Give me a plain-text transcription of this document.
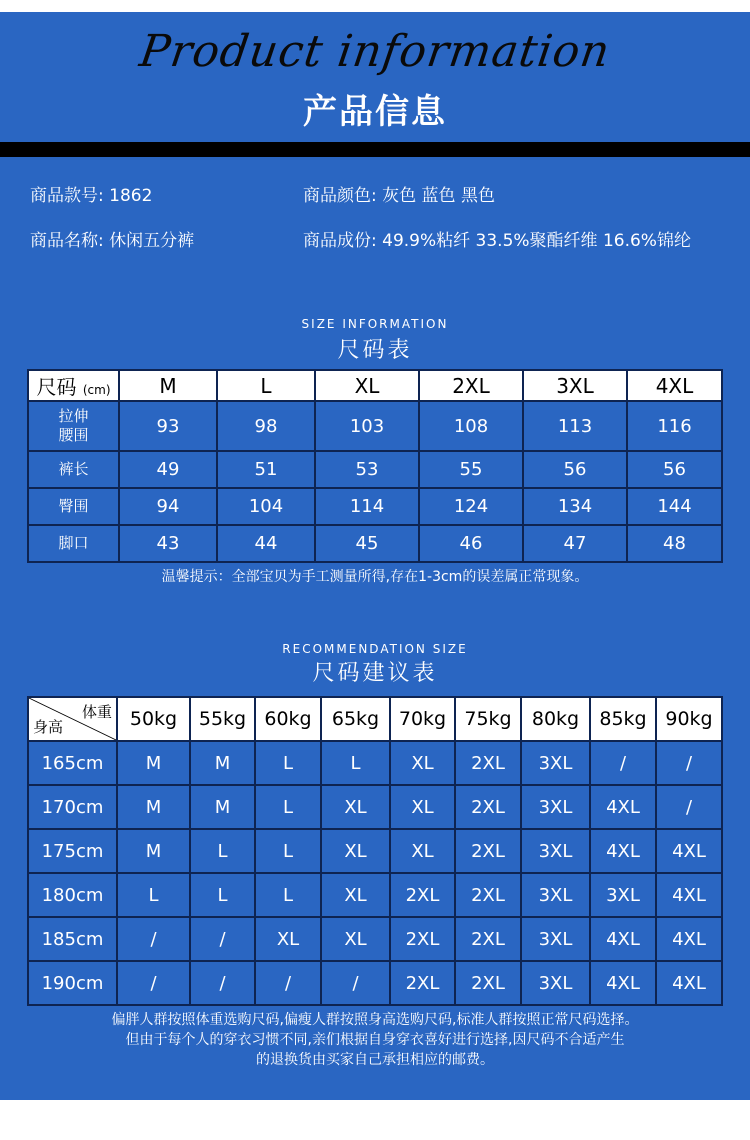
Product information
产品信息
商品款号: 1862	商品颜色: 灰色 蓝色 黑色
商品名称: 休闲五分裤	商品成份: 49.9%粘纤 33.5%聚酯纤维 16.6%锦纶
SIZE INFORMATION
尺码表
尺码 (cm)	M	L	XL	2XL	3XL	4XL

拉伸
腰围	93	98	103	108	113	116
裤长	49	51	53	55	56	56
臀围	94	104	114	124	134	144
脚口	43	44	45	46	47	48
温馨提示：全部宝贝为手工测量所得,存在1-3cm的误差属正常现象。
RECOMMENDATION SIZE
尺码建议表
体重
身高	50kg	55kg	60kg	65kg	70kg	75kg	80kg	85kg	90kg
165cm	M	M	L	L	XL	2XL	3XL	/	/
170cm	M	M	L	XL	XL	2XL	3XL	4XL	/
175cm	M	L	L	XL	XL	2XL	3XL	4XL	4XL
180cm	L	L	L	XL	2XL	2XL	3XL	3XL	4XL
185cm	/	/	XL	XL	2XL	2XL	3XL	4XL	4XL
190cm	/	/	/	/	2XL	2XL	3XL	4XL	4XL
偏胖人群按照体重选购尺码,偏瘦人群按照身高选购尺码,标准人群按照正常尺码选择。
但由于每个人的穿衣习惯不同,亲们根据自身穿衣喜好进行选择,因尺码不合适产生
的退换货由买家自己承担相应的邮费。
